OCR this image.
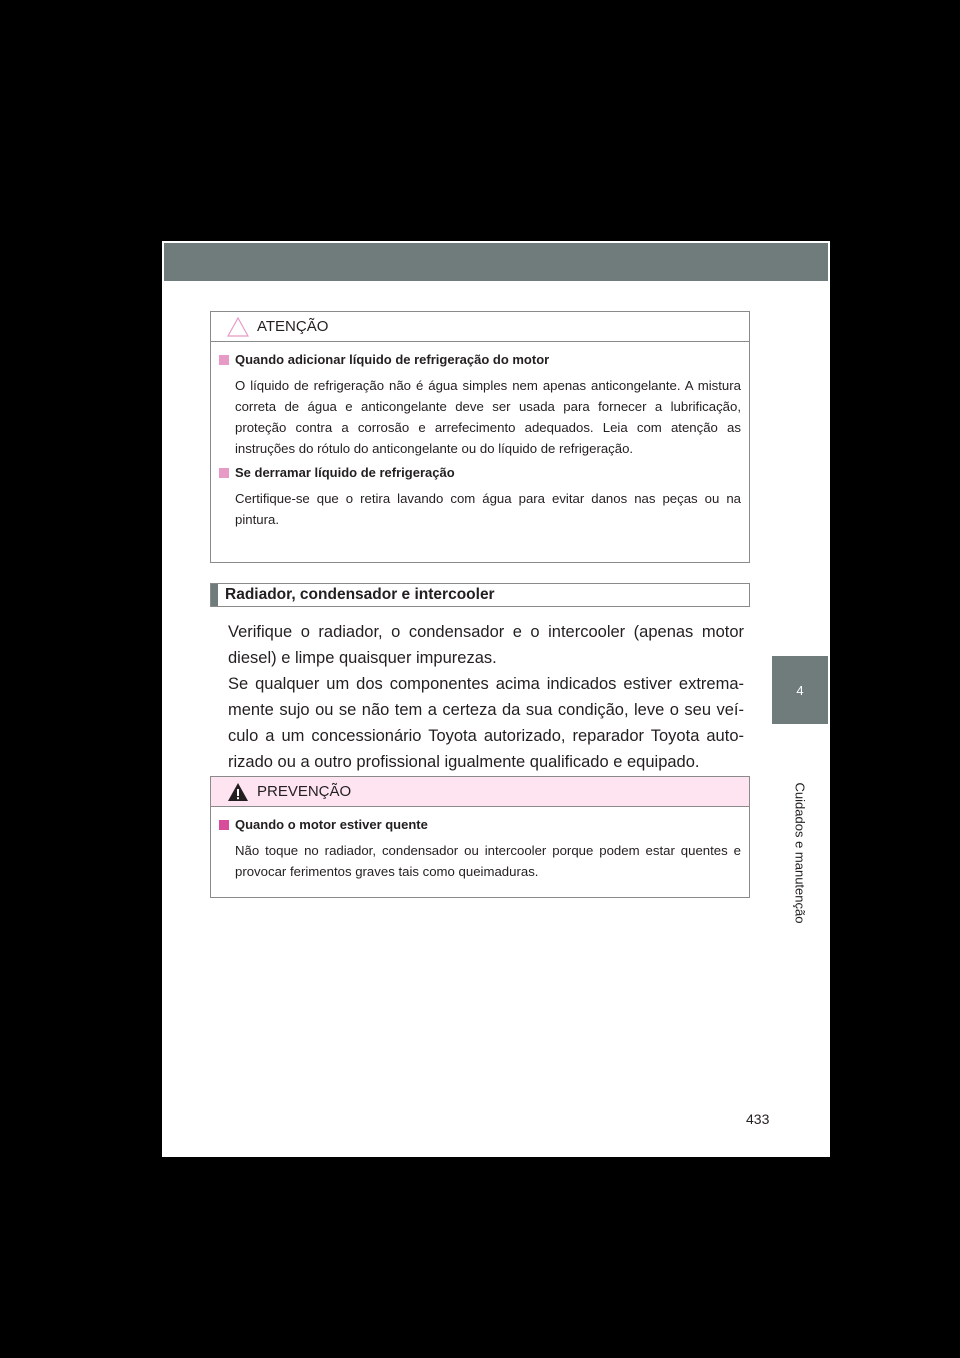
ATENÇÃO
Quando adicionar líquido de refrigeração do motor

O líquido de refrigeração não é água simples nem apenas anticongelante. A mistura correta de água e anticongelante deve ser usada para fornecer a lubrificação, proteção contra a corrosão e arrefecimento adequados. Leia com atenção as instruções do rótulo do anticongelante ou do líquido de refrigeração.

Se derramar líquido de refrigeração

Certifique-se que o retira lavando com água para evitar danos nas peças ou na pintura.

Radiador, condensador e intercooler

Verifique o radiador, o condensador e o intercooler (apenas motor diesel) e limpe quaisquer impurezas.

Se qualquer um dos componentes acima indicados estiver extrema-mente sujo ou se não tem a certeza da sua condição, leve o seu veí-culo a um concessionário Toyota autorizado, reparador Toyota auto-rizado ou a outro profissional igualmente qualificado e equipado.

PREVENÇÃO
Quando o motor estiver quente

Não toque no radiador, condensador ou intercooler porque podem estar quentes e provocar ferimentos graves tais como queimaduras.

4
Cuidados e manutenção
433
